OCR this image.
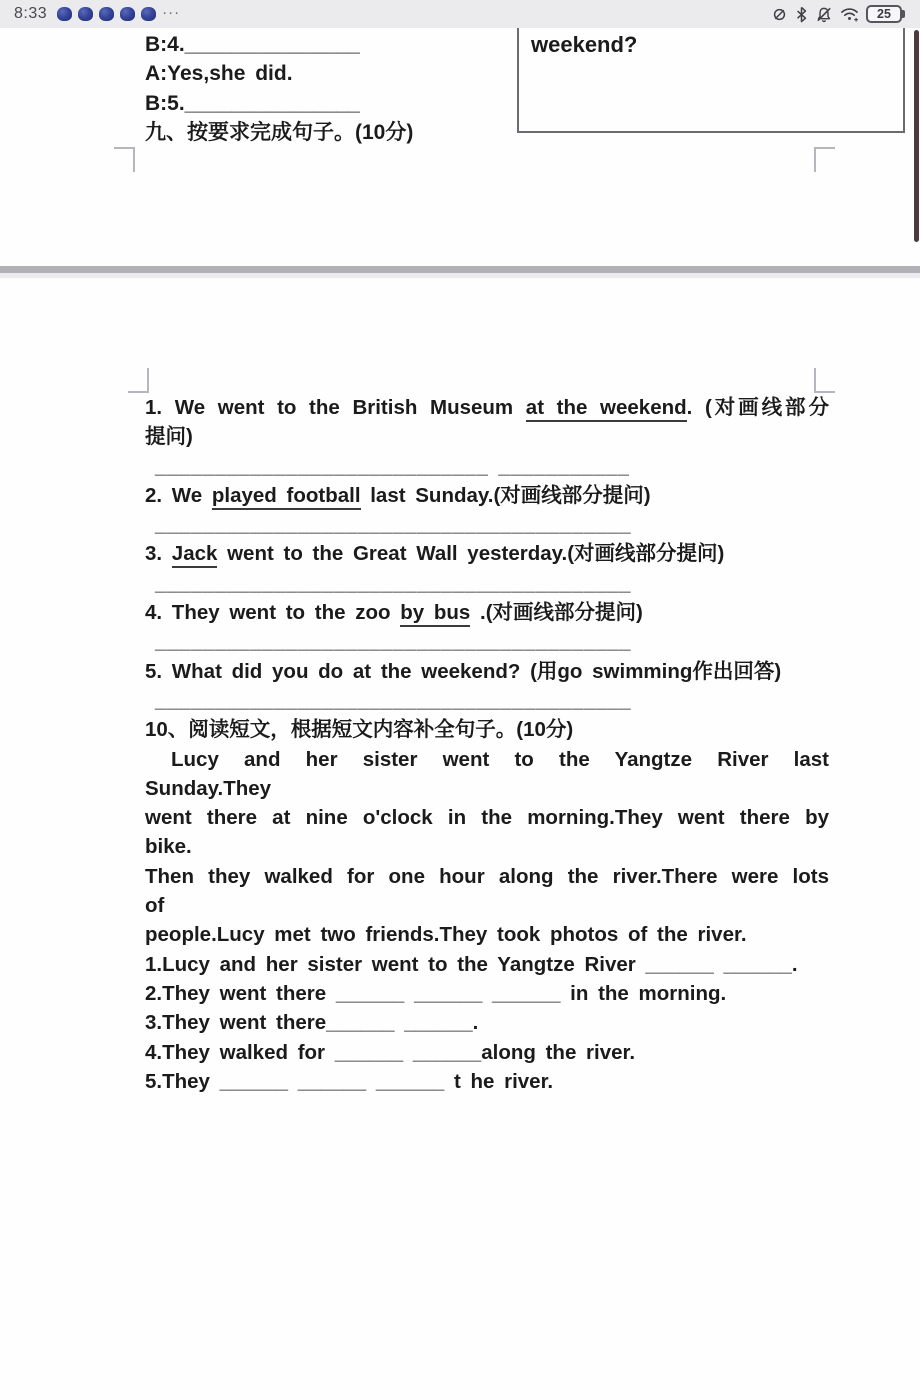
8:33	···	25
B:4._______________
A:Yes,she did.
B:5._______________
九、按要求完成句子。(10分)
weekend?
1. We went to the British Museum at the weekend. (对画线部分
提问)
____________________________ ___________
2. We played football last Sunday.(对画线部分提问)
________________________________________
3. Jack went to the Great Wall yesterday.(对画线部分提问)
________________________________________
4. They went to the zoo by bus .(对画线部分提问)
________________________________________
5. What did you do at the weekend? (用go swimming作出回答)
________________________________________
10、阅读短文，根据短文内容补全句子。(10分)
Lucy and her sister went to the Yangtze River last
Sunday.They
went there at nine o'clock in the morning.They went there by
bike.
Then they walked for one hour along the river.There were lots
of
people.Lucy met two friends.They took photos of the river.
1.Lucy and her sister went to the Yangtze River ______ ______.
2.They went there ______ ______ ______ in the morning.
3.They went there______ ______.
4.They walked for ______ ______along the river.
5.They ______ ______ ______ t he river.
